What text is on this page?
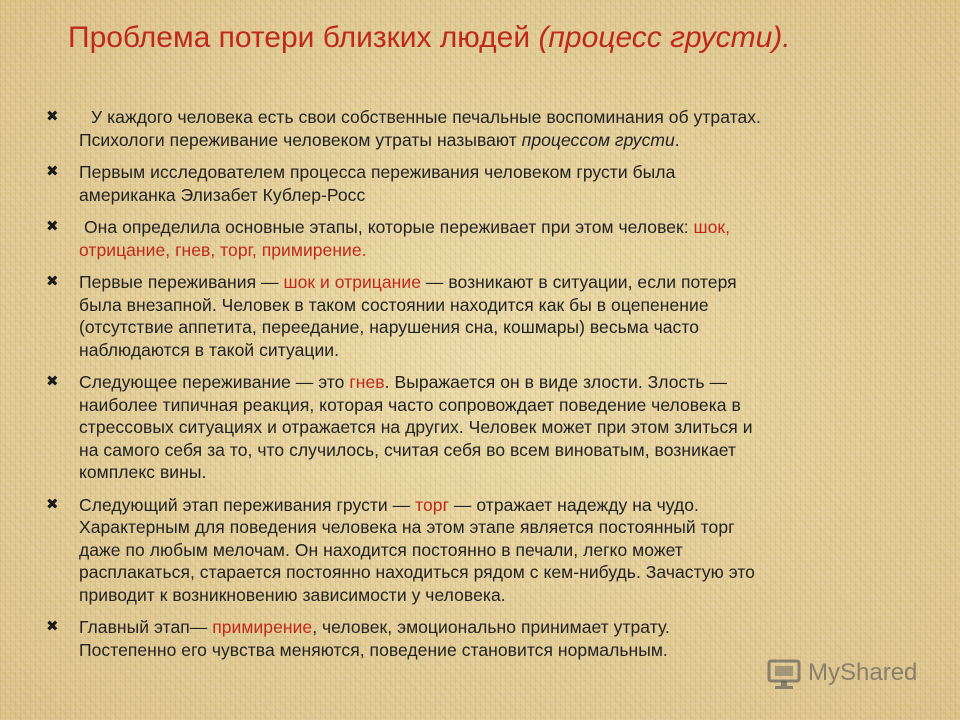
Проблема потери близких людей (процесс грусти).
✖	У каждого человека есть свои собственные печальные воспоминания об утратах.
Психологи переживание человеком утраты называют процессом грусти.
✖ Первым исследователем процесса переживания человеком грусти была
американка Элизабет Кублер-Росс
✖ Она определила основные этапы, которые переживает при этом человек: шок,
отрицание, гнев, торг, примирение.
✖ Первые переживания — шок и отрицание — возникают в ситуации, если потеря
была внезапной. Человек в таком состоянии находится как бы в оцепенение
(отсутствие аппетита, переедание, нарушения сна, кошмары) весьма часто
наблюдаются в такой ситуации.
✖ Следующее переживание — это гнев. Выражается он в виде злости. Злость —
наиболее типичная реакция, которая часто сопровождает поведение человека в
стрессовых ситуациях и отражается на других. Человек может при этом злиться и
на самого себя за то, что случилось, считая себя во всем виноватым, возникает
комплекс вины.
✖ Следующий этап переживания грусти — торг — отражает надежду на чудо.
Характерным для поведения человека на этом этапе является постоянный торг
даже по любым мелочам. Он находится постоянно в печали, легко может
расплакаться, старается постоянно находиться рядом с кем-нибудь. Зачастую это
приводит к возникновению зависимости у человека.
✖ Главный этап— примирение, человек, эмоционально принимает утрату.
Постепенно его чувства меняются, поведение становится нормальным.
MyShared
